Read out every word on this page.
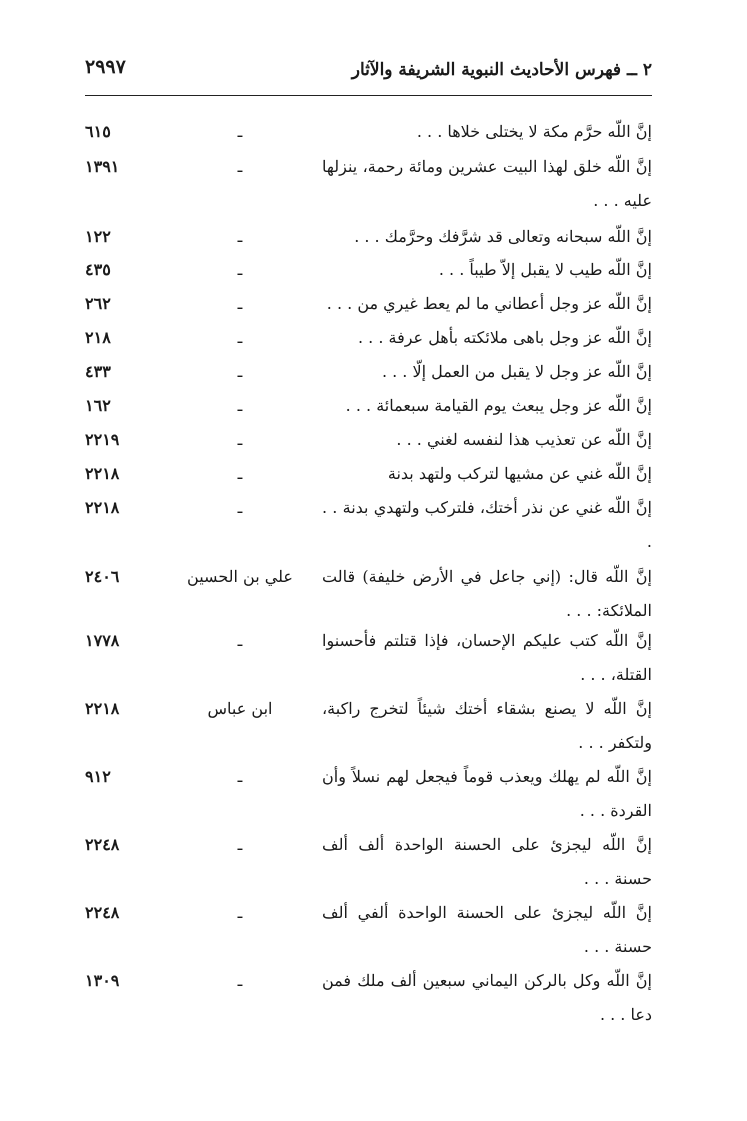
٢ ــ فهرس الأحاديث النبوية الشريفة والآثار
٢٩٩٧
إنَّ اللّه حرَّم مكة لا يختلى خلاها . . .
ـ
٦١٥
إنَّ اللّه خلق لهذا البيت عشرين ومائة رحمة، ينزلها عليه . . .
ـ
١٣٩١
إنَّ اللّه سبحانه وتعالى قد شرَّفك وحرَّمك . . .
ـ
١٢٢
إنَّ اللّه طيب لا يقبل إلاّ طيباً . . .
ـ
٤٣٥
إنَّ اللّه عز وجل أعطاني ما لم يعط غيري من . . .
ـ
٢٦٢
إنَّ اللّه عز وجل باهى ملائكته بأهل عرفة . . .
ـ
٢١٨
إنَّ اللّه عز وجل لا يقبل من العمل إلّا . . .
ـ
٤٣٣
إنَّ اللّه عز وجل يبعث يوم القيامة سبعمائة . . .
ـ
١٦٢
إنَّ اللّه عن تعذيب هذا لنفسه لغني . . .
ـ
٢٢١٩
إنَّ اللّه غني عن مشيها لتركب ولتهد بدنة
ـ
٢٢١٨
إنَّ اللّه غني عن نذر أختك، فلتركب ولتهدي بدنة . . .
ـ
٢٢١٨
إنَّ اللّه قال: (إني جاعل في الأرض خليفة) قالت الملائكة: . . .
علي بن الحسين
٢٤٠٦
إنَّ اللّه كتب عليكم الإحسان، فإذا قتلتم فأحسنوا القتلة، . . .
ـ
١٧٧٨
إنَّ اللّه لا يصنع بشقاء أختك شيئاً لتخرج راكبة، ولتكفر . . .
ابن عباس
٢٢١٨
إنَّ اللّه لم يهلك ويعذب قوماً فيجعل لهم نسلاً وأن القردة . . .
ـ
٩١٢
إنَّ اللّه ليجزئ على الحسنة الواحدة ألف ألف حسنة . . .
ـ
٢٢٤٨
إنَّ اللّه ليجزئ على الحسنة الواحدة ألفي ألف حسنة . . .
ـ
٢٢٤٨
إنَّ اللّه وكل بالركن اليماني سبعين ألف ملك فمن دعا . . .
ـ
١٣٠٩
